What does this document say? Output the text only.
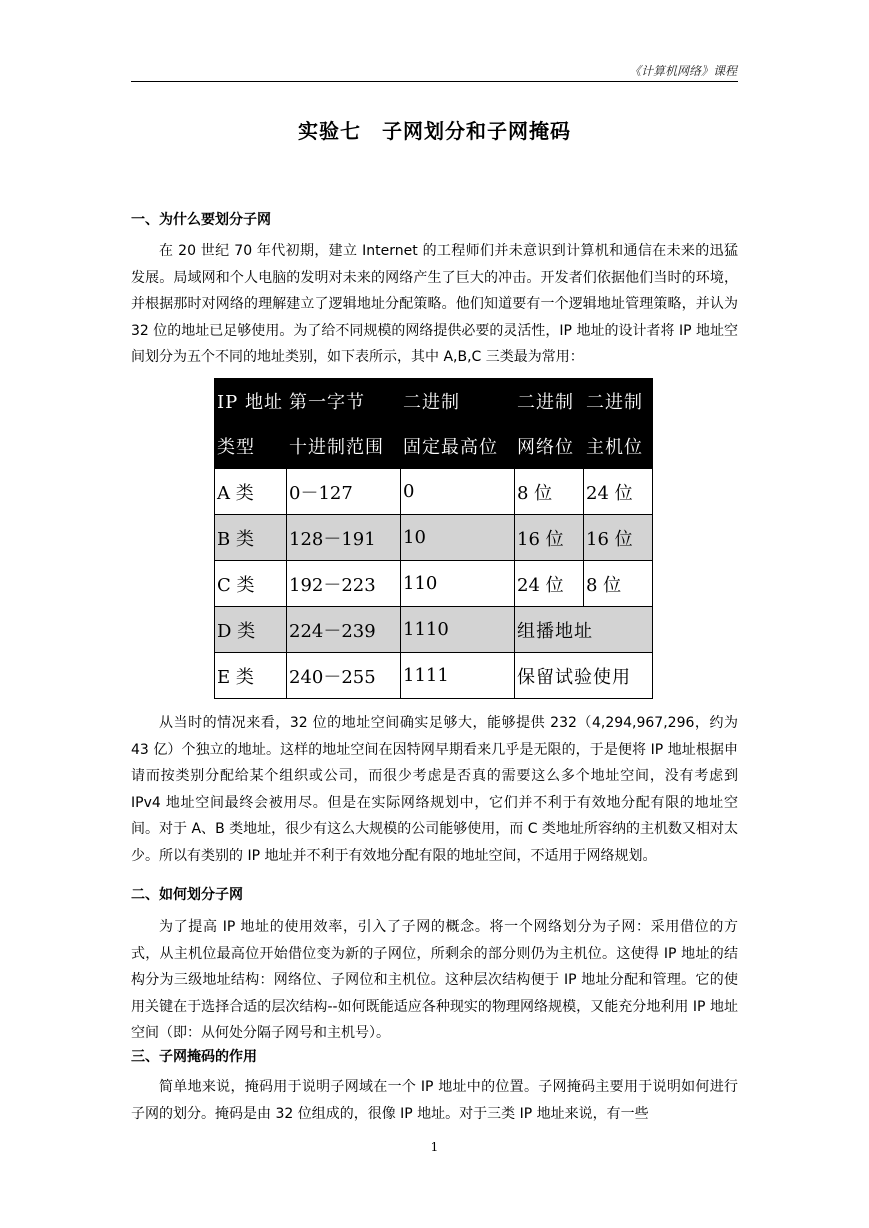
《计算机网络》课程
实验七　子网划分和子网掩码
一、为什么要划分子网

在 20 世纪 70 年代初期，建立 Internet 的工程师们并未意识到计算机和通信在未来的迅猛发展。局域网和个人电脑的发明对未来的网络产生了巨大的冲击。开发者们依据他们当时的环境，并根据那时对网络的理解建立了逻辑地址分配策略。他们知道要有一个逻辑地址管理策略，并认为 32 位的地址已足够使用。为了给不同规模的网络提供必要的灵活性，IP 地址的设计者将 IP 地址空间划分为五个不同的地址类别，如下表所示，其中 A,B,C 三类最为常用：

IP 地址	第一字节	二进制	二进制	二进制
类型	十进制范围	固定最高位	网络位	主机位
A 类	0－127	0	8 位	24 位
B 类	128－191	10	16 位	16 位
C 类	192－223	110	24 位	8 位
D 类	224－239	1110	组播地址	
E 类	240－255	1111	保留试验使用	

从当时的情况来看，32 位的地址空间确实足够大，能够提供 232（4,294,967,296，约为 43 亿）个独立的地址。这样的地址空间在因特网早期看来几乎是无限的，于是便将 IP 地址根据申请而按类别分配给某个组织或公司，而很少考虑是否真的需要这么多个地址空间，没有考虑到 IPv4 地址空间最终会被用尽。但是在实际网络规划中，它们并不利于有效地分配有限的地址空间。对于 A、B 类地址，很少有这么大规模的公司能够使用，而 C 类地址所容纳的主机数又相对太少。所以有类别的 IP 地址并不利于有效地分配有限的地址空间，不适用于网络规划。

二、如何划分子网

为了提高 IP 地址的使用效率，引入了子网的概念。将一个网络划分为子网：采用借位的方式，从主机位最高位开始借位变为新的子网位，所剩余的部分则仍为主机位。这使得 IP 地址的结构分为三级地址结构：网络位、子网位和主机位。这种层次结构便于 IP 地址分配和管理。它的使用关键在于选择合适的层次结构--如何既能适应各种现实的物理网络规模，又能充分地利用 IP 地址空间（即：从何处分隔子网号和主机号）。

三、子网掩码的作用

简单地来说，掩码用于说明子网域在一个 IP 地址中的位置。子网掩码主要用于说明如何进行子网的划分。掩码是由 32 位组成的，很像 IP 地址。对于三类 IP 地址来说，有一些

1
